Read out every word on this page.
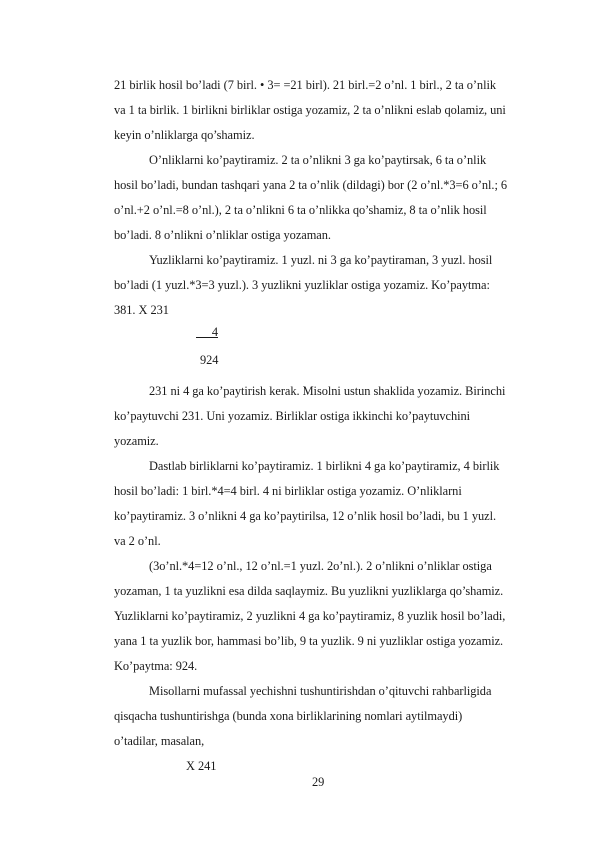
21 birlik hosil bo’ladi (7 birl. • 3= =21 birl). 21 birl.=2 o’nl. 1 birl., 2 ta o’nlik
va 1 ta birlik. 1 birlikni birliklar ostiga yozamiz, 2 ta o’nlikni eslab qolamiz, uni
keyin o’nliklarga qo’shamiz.
O’nliklarni ko’paytiramiz. 2 ta o’nlikni 3 ga ko’paytirsak, 6 ta o’nlik
hosil bo’ladi, bundan tashqari yana 2 ta o’nlik (dildagi) bor (2 o’nl.*3=6 o’nl.; 6
o’nl.+2 o’nl.=8 o’nl.), 2 ta o’nlikni 6 ta o’nlikka qo’shamiz, 8 ta o’nlik hosil
bo’ladi. 8 o’nlikni o’nliklar ostiga yozaman.
Yuzliklarni ko’paytiramiz. 1 yuzl. ni 3 ga ko’paytiraman, 3 yuzl. hosil
bo’ladi (1 yuzl.*3=3 yuzl.). 3 yuzlikni yuzliklar ostiga yozamiz. Ko’paytma:
381. X 231
4
924
231 ni 4 ga ko’paytirish kerak. Misolni ustun shaklida yozamiz. Birinchi
ko’paytuvchi 231. Uni yozamiz. Birliklar ostiga ikkinchi ko’paytuvchini
yozamiz.
Dastlab birliklarni ko’paytiramiz. 1 birlikni 4 ga ko’paytiramiz, 4 birlik
hosil bo’ladi: 1 birl.*4=4 birl. 4 ni birliklar ostiga yozamiz. O’nliklarni
ko’paytiramiz. 3 o’nlikni 4 ga ko’paytirilsa, 12 o’nlik hosil bo’ladi, bu 1 yuzl.
va 2 o’nl.
(3o’nl.*4=12 o’nl., 12 o’nl.=1 yuzl. 2o’nl.). 2 o’nlikni o’nliklar ostiga
yozaman, 1 ta yuzlikni esa dilda saqlaymiz. Bu yuzlikni yuzliklarga qo’shamiz.
Yuzliklarni ko’paytiramiz, 2 yuzlikni 4 ga ko’paytiramiz, 8 yuzlik hosil bo’ladi,
yana 1 ta yuzlik bor, hammasi bo’lib, 9 ta yuzlik. 9 ni yuzliklar ostiga yozamiz.
Ko’paytma: 924.
Misollarni mufassal yechishni tushuntirishdan o’qituvchi rahbarligida
qisqacha tushuntirishga (bunda xona birliklarining nomlari aytilmaydi)
o’tadilar, masalan,
X 241
29
